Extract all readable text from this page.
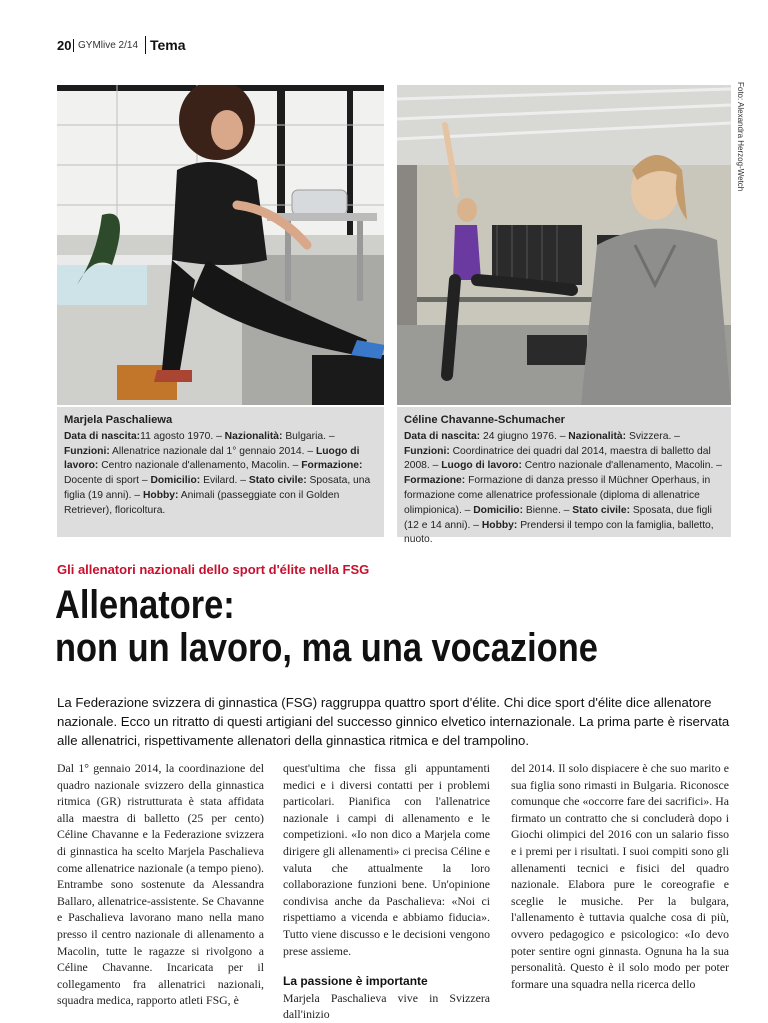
20 GYMlive 2/14 Tema
Foto: Alexandra Herzog-Wetch
Marjela Paschaliewa
Data di nascita:11 agosto 1970. – Nazionalità: Bulgaria. – Funzioni: Allenatrice nazionale dal 1° gennaio 2014. – Luogo di lavoro: Centro nazionale d'allenamento, Macolin. – Formazione: Docente di sport – Domicilio: Evilard. – Stato civile: Sposata, una figlia (19 anni). – Hobby: Animali (passeggiate con il Golden Retriever), floricoltura.
Céline Chavanne-Schumacher
Data di nascita: 24 giugno 1976. – Nazionalità: Svizzera. – Funzioni: Coordinatrice dei quadri dal 2014, maestra di balletto dal 2008. – Luogo di lavoro: Centro nazionale d'allenamento, Macolin. – Formazione: Formazione di danza presso il Müchner Operhaus, in formazione come allenatrice professionale (diploma di allenatrice olimpionica). – Domicilio: Bienne. – Stato civile: Sposata, due figli (12 e 14 anni). – Hobby: Prendersi il tempo con la famiglia, balletto, nuoto.
Gli allenatori nazionali dello sport d'élite nella FSG
Allenatore:
non un lavoro, ma una vocazione
La Federazione svizzera di ginnastica (FSG) raggruppa quattro sport d'élite. Chi dice sport d'élite dice allenatore nazionale. Ecco un ritratto di questi artigiani del successo ginnico elvetico internazionale. La prima parte è riservata alle allenatrici, rispettivamente allenatori della ginnastica ritmica e del trampolino.
Dal 1° gennaio 2014, la coordinazione del quadro nazionale svizzero della ginnastica ritmica (GR) ristrutturata è stata affidata alla maestra di balletto (25 per cento) Céline Chavanne e la Federazione svizzera di ginnastica ha scelto Marjela Paschalieva come allenatrice nazionale (a tempo pieno). Entrambe sono sostenute da Alessandra Ballaro, allenatrice-assistente. Se Chavanne e Paschalieva lavorano mano nella mano presso il centro nazionale di allenamento a Macolin, tutte le ragazze si rivolgono a Céline Chavanne. Incaricata per il collegamento fra allenatrici nazionali, squadra medica, rapporto atleti FSG, è
quest'ultima che fissa gli appuntamenti medici e i diversi contatti per i problemi particolari. Pianifica con l'allenatrice nazionale i campi di allenamento e le competizioni. «Io non dico a Marjela come dirigere gli allenamenti» ci precisa Céline e valuta che attualmente la loro collaborazione funzioni bene. Un'opinione condivisa anche da Paschalieva: «Noi ci rispettiamo a vicenda e abbiamo fiducia». Tutto viene discusso e le decisioni vengono prese assieme.
La passione è importante
Marjela Paschalieva vive in Svizzera dall'inizio
del 2014. Il solo dispiacere è che suo marito e sua figlia sono rimasti in Bulgaria. Riconosce comunque che «occorre fare dei sacrifici». Ha firmato un contratto che si concluderà dopo i Giochi olimpici del 2016 con un salario fisso e i premi per i risultati. I suoi compiti sono gli allenamenti tecnici e fisici del quadro nazionale. Elabora pure le coreografie e sceglie le musiche. Per la bulgara, l'allenamento è tuttavia qualche cosa di più, ovvero pedagogico e psicologico: «Io devo poter sentire ogni ginnasta. Ognuna ha la sua personalità. Questo è il solo modo per poter formare una squadra nella ricerca dello
